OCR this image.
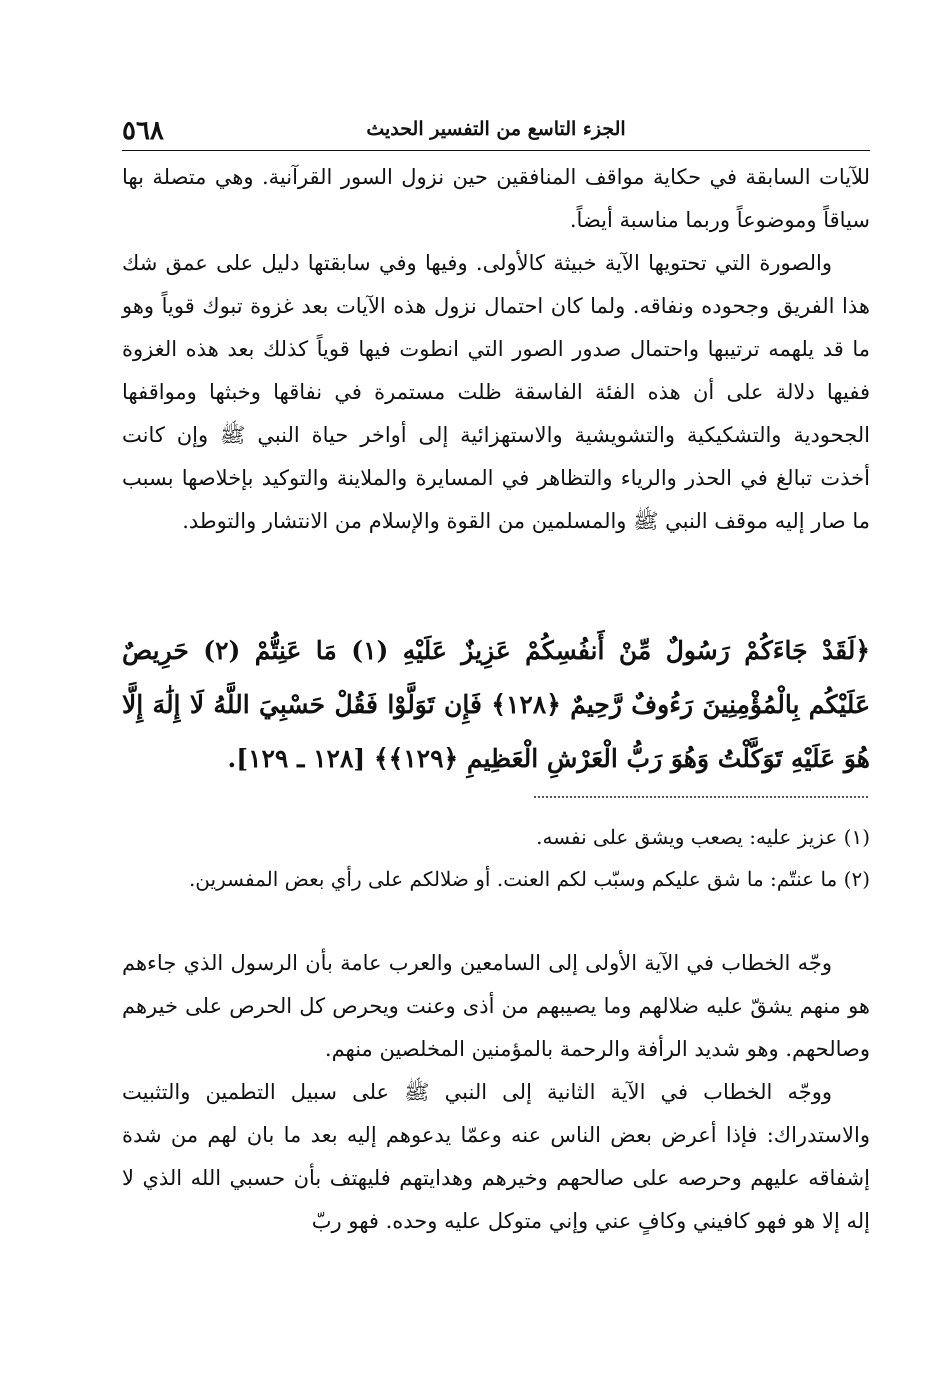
٥٦٨	الجزء التاسع من التفسير الحديث

للآيات السابقة في حكاية مواقف المنافقين حين نزول السور القرآنية. وهي متصلة بها سياقاً وموضوعاً وربما مناسبة أيضاً.

والصورة التي تحتويها الآية خبيثة كالأولى. وفيها وفي سابقتها دليل على عمق شك هذا الفريق وجحوده ونفاقه. ولما كان احتمال نزول هذه الآيات بعد غزوة تبوك قوياً وهو ما قد يلهمه ترتيبها واحتمال صدور الصور التي انطوت فيها قوياً كذلك بعد هذه الغزوة ففيها دلالة على أن هذه الفئة الفاسقة ظلت مستمرة في نفاقها وخبثها ومواقفها الجحودية والتشكيكية والتشويشية والاستهزائية إلى أواخر حياة النبي ﷺ وإن كانت أخذت تبالغ في الحذر والرياء والتظاهر في المسايرة والملاينة والتوكيد بإخلاصها بسبب ما صار إليه موقف النبي ﷺ والمسلمين من القوة والإسلام من الانتشار والتوطد.

﴿لَقَدْ جَاءَكُمْ رَسُولٌ مِّنْ أَنفُسِكُمْ عَزِيزٌ عَلَيْهِ (١) مَا عَنِتُّمْ (٢) حَرِيصٌ عَلَيْكُم بِالْمُؤْمِنِينَ رَءُوفٌ رَّحِيمٌ ﴿١٢٨﴾ فَإِن تَوَلَّوْا فَقُلْ حَسْبِيَ اللَّهُ لَا إِلَٰهَ إِلَّا هُوَ عَلَيْهِ تَوَكَّلْتُ وَهُوَ رَبُّ الْعَرْشِ الْعَظِيمِ ﴿١٢٩﴾﴾ [١٢٨ ـ ١٢٩].

(١) عزيز عليه: يصعب ويشق على نفسه.

(٢) ما عنتّم: ما شق عليكم وسبّب لكم العنت. أو ضلالكم على رأي بعض المفسرين.

وجّه الخطاب في الآية الأولى إلى السامعين والعرب عامة بأن الرسول الذي جاءهم هو منهم يشقّ عليه ضلالهم وما يصيبهم من أذى وعنت ويحرص كل الحرص على خيرهم وصالحهم. وهو شديد الرأفة والرحمة بالمؤمنين المخلصين منهم.

ووجّه الخطاب في الآية الثانية إلى النبي ﷺ على سبيل التطمين والتثبيت والاستدراك: فإذا أعرض بعض الناس عنه وعمّا يدعوهم إليه بعد ما بان لهم من شدة إشفاقه عليهم وحرصه على صالحهم وخيرهم وهدايتهم فليهتف بأن حسبي الله الذي لا إله إلا هو فهو كافيني وكافٍ عني وإني متوكل عليه وحده. فهو ربّ
